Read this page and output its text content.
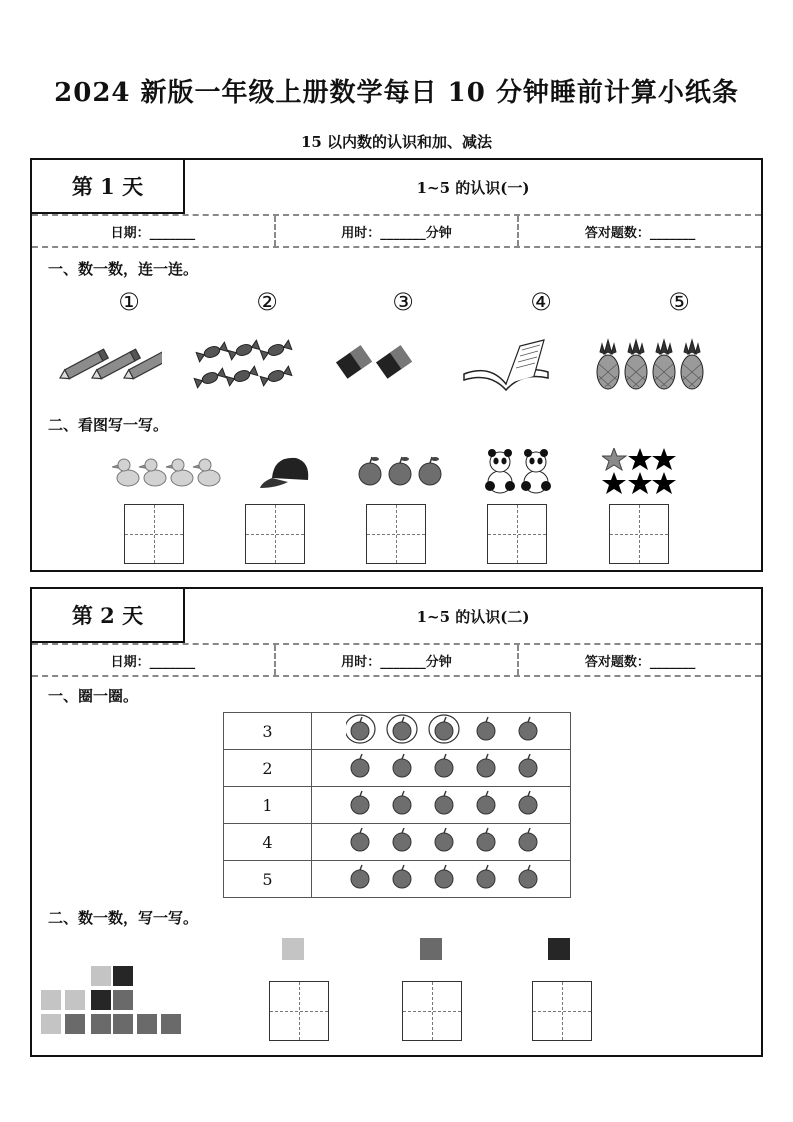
2024 新版一年级上册数学每日 10 分钟睡前计算小纸条
15 以内数的认识和加、减法
第 1 天	1~5 的认识(一)
日期：_______	用时：_______分钟	答对题数：_______
一、数一数，连一连。
①	②	③	④	⑤
二、看图写一写。
第 2 天	1~5 的认识(二)
日期：_______	用时：_______分钟	答对题数：_______
一、圈一圈。
3	
2	
1	
4	
5	
二、数一数，写一写。
